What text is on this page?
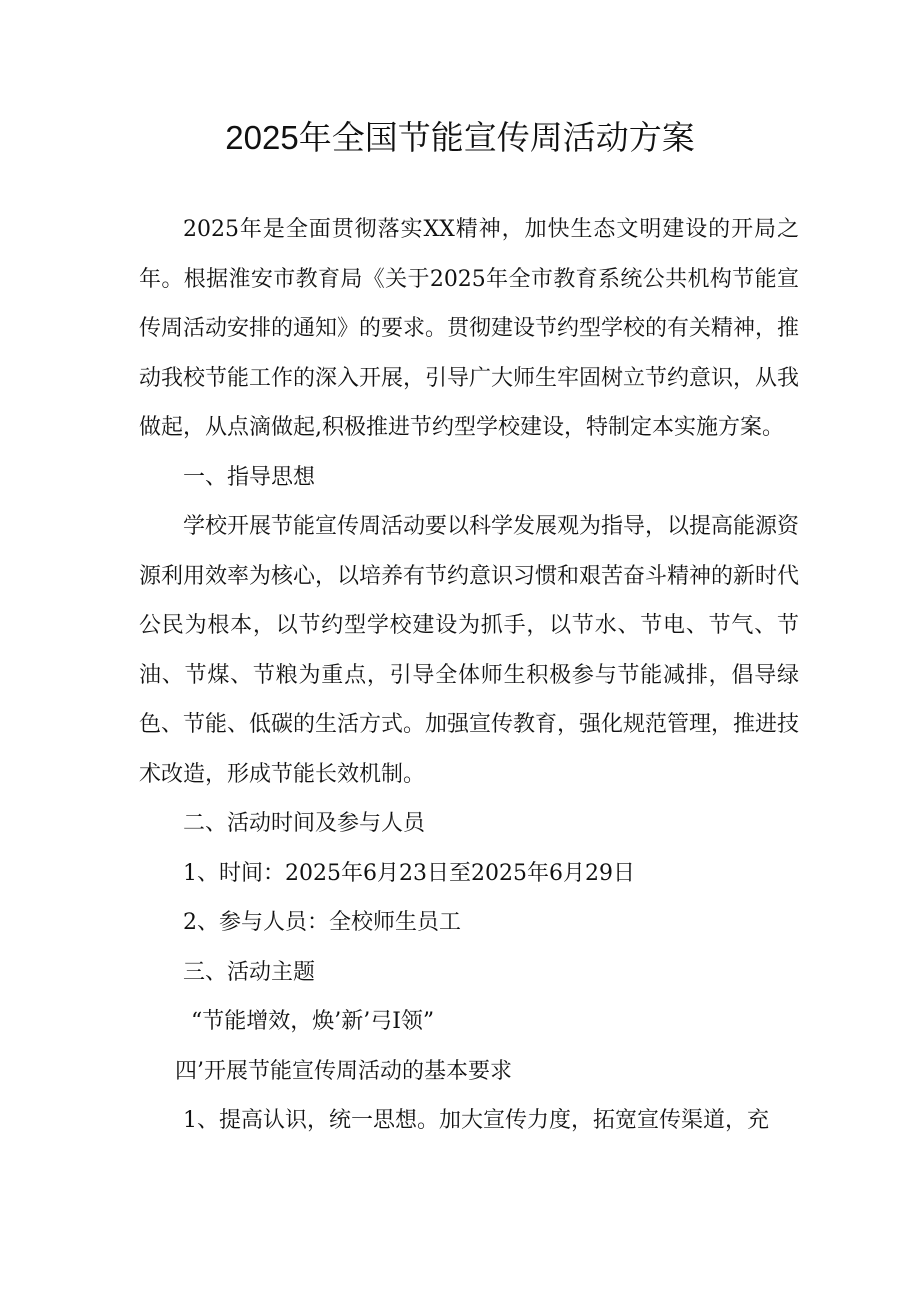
2025年全国节能宣传周活动方案

2025年是全面贯彻落实XX精神，加快生态文明建设的开局之年。根据淮安市教育局《关于2025年全市教育系统公共机构节能宣传周活动安排的通知》的要求。贯彻建设节约型学校的有关精神，推动我校节能工作的深入开展，引导广大师生牢固树立节约意识，从我做起，从点滴做起,积极推进节约型学校建设，特制定本实施方案。

一、指导思想

学校开展节能宣传周活动要以科学发展观为指导，以提高能源资源利用效率为核心，以培养有节约意识习惯和艰苦奋斗精神的新时代公民为根本，以节约型学校建设为抓手，以节水、节电、节气、节油、节煤、节粮为重点，引导全体师生积极参与节能减排，倡导绿色、节能、低碳的生活方式。加强宣传教育，强化规范管理，推进技术改造，形成节能长效机制。

二、活动时间及参与人员

1、时间：2025年6月23日至2025年6月29日

2、参与人员：全校师生员工

三、活动主题

“节能增效，焕’新’弓I领”

四’开展节能宣传周活动的基本要求

1、提高认识，统一思想。加大宣传力度，拓宽宣传渠道，充
